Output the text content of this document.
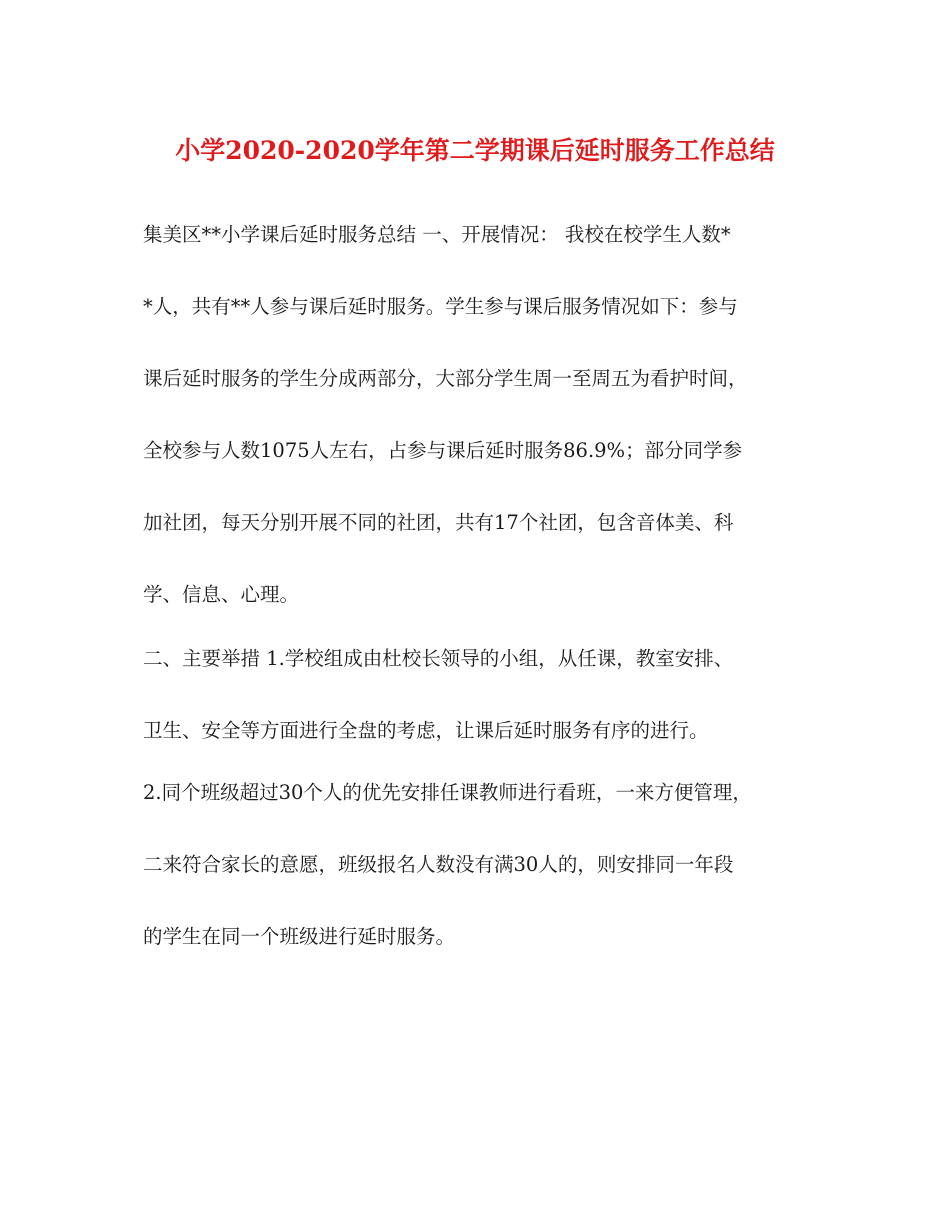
小学2020-2020学年第二学期课后延时服务工作总结
集美区**小学课后延时服务总结 一、开展情况： 我校在校学生人数*
*人，共有**人参与课后延时服务。学生参与课后服务情况如下：参与
课后延时服务的学生分成两部分，大部分学生周一至周五为看护时间，
全校参与人数1075人左右，占参与课后延时服务86.9%；部分同学参
加社团，每天分别开展不同的社团，共有17个社团，包含音体美、科
学、信息、心理。
二、主要举措 1.学校组成由杜校长领导的小组，从任课，教室安排、
卫生、安全等方面进行全盘的考虑，让课后延时服务有序的进行。
2.同个班级超过30个人的优先安排任课教师进行看班，一来方便管理，
二来符合家长的意愿，班级报名人数没有满30人的，则安排同一年段
的学生在同一个班级进行延时服务。
